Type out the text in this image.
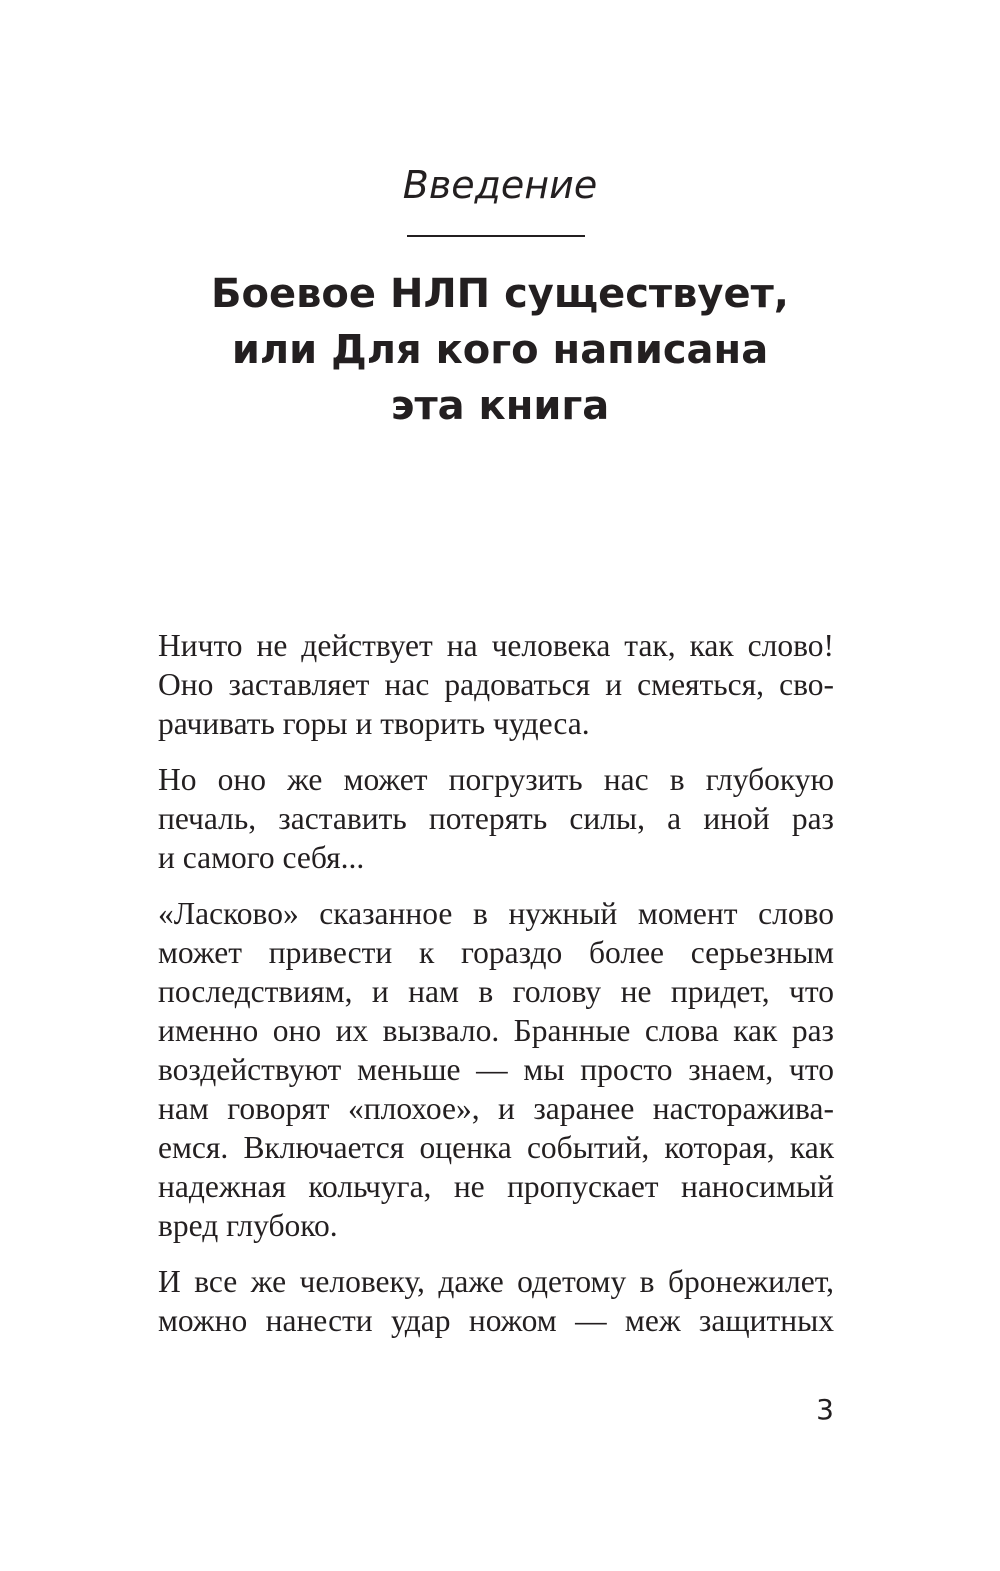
Введение

Боевое НЛП существует,
или Для кого написана
эта книга

Ничто не действует на человека так, как слово!
Оно заставляет нас радоваться и смеяться, сво-
рачивать горы и творить чудеса.

Но оно же может погрузить нас в глубокую
печаль, заставить потерять силы, а иной раз
и самого себя...

«Ласково» сказанное в нужный момент слово
может привести к гораздо более серьезным
последствиям, и нам в голову не придет, что
именно оно их вызвало. Бранные слова как раз
воздействуют меньше — мы просто знаем, что
нам говорят «плохое», и заранее насторажива-
емся. Включается оценка событий, которая, как
надежная кольчуга, не пропускает наносимый
вред глубоко.

И все же человеку, даже одетому в бронежилет,
можно нанести удар ножом — меж защитных

3
